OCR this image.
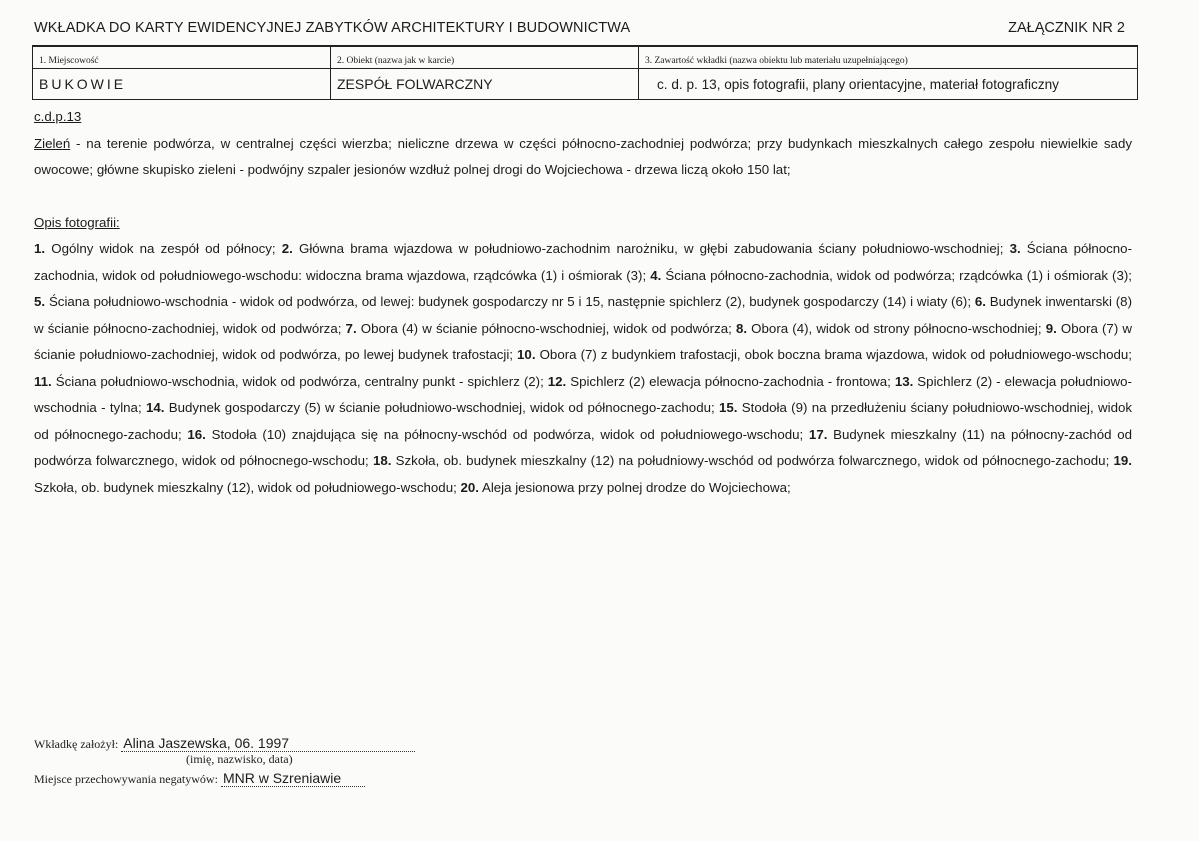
WKŁADKA DO KARTY EWIDENCYJNEJ ZABYTKÓW ARCHITEKTURY I BUDOWNICTWA	ZAŁĄCZNIK NR 2
1. Miejscowość
BUKOWIE
2. Obiekt (nazwa jak w karcie)
ZESPÓŁ FOLWARCZNY
3. Zawartość wkładki (nazwa obiektu lub materiału uzupełniającego)
c. d. p. 13, opis fotografii, plany orientacyjne, materiał fotograficzny

c.d.p.13

Zieleń - na terenie podwórza, w centralnej części wierzba; nieliczne drzewa w części północno-zachodniej podwórza; przy budynkach mieszkalnych całego zespołu niewielkie sady owocowe; główne skupisko zieleni - podwójny szpaler jesionów wzdłuż polnej drogi do Wojciechowa - drzewa liczą około 150 lat;

Opis fotografii:

1. Ogólny widok na zespół od północy; 2. Główna brama wjazdowa w południowo-zachodnim narożniku, w głębi zabudowania ściany południowo-wschodniej; 3. Ściana północno-zachodnia, widok od południowego-wschodu: widoczna brama wjazdowa, rządcówka (1) i ośmiorak (3); 4. Ściana północno-zachodnia, widok od podwórza; rządcówka (1) i ośmiorak (3); 5. Ściana południowo-wschodnia - widok od podwórza, od lewej: budynek gospodarczy nr 5 i 15, następnie spichlerz (2), budynek gospodarczy (14) i wiaty (6); 6. Budynek inwentarski (8) w ścianie północno-zachodniej, widok od podwórza; 7. Obora (4) w ścianie północno-wschodniej, widok od podwórza; 8. Obora (4), widok od strony północno-wschodniej; 9. Obora (7) w ścianie południowo-zachodniej, widok od podwórza, po lewej budynek trafostacji; 10. Obora (7) z budynkiem trafostacji, obok boczna brama wjazdowa, widok od południowego-wschodu; 11. Ściana południowo-wschodnia, widok od podwórza, centralny punkt - spichlerz (2); 12. Spichlerz (2) elewacja północno-zachodnia - frontowa; 13. Spichlerz (2) - elewacja południowo-wschodnia - tylna; 14. Budynek gospodarczy (5) w ścianie południowo-wschodniej, widok od północnego-zachodu; 15. Stodoła (9) na przedłużeniu ściany południowo-wschodniej, widok od północnego-zachodu; 16. Stodoła (10) znajdująca się na północny-wschód od podwórza, widok od południowego-wschodu; 17. Budynek mieszkalny (11) na północny-zachód od podwórza folwarcznego, widok od północnego-wschodu; 18. Szkoła, ob. budynek mieszkalny (12) na południowy-wschód od podwórza folwarcznego, widok od północnego-zachodu; 19. Szkoła, ob. budynek mieszkalny (12), widok od południowego-wschodu; 20. Aleja jesionowa przy polnej drodze do Wojciechowa;

Wkładkę założył: Alina Jaszewska, 06. 1997
(imię, nazwisko, data)
Miejsce przechowywania negatywów: MNR w Szreniawie
